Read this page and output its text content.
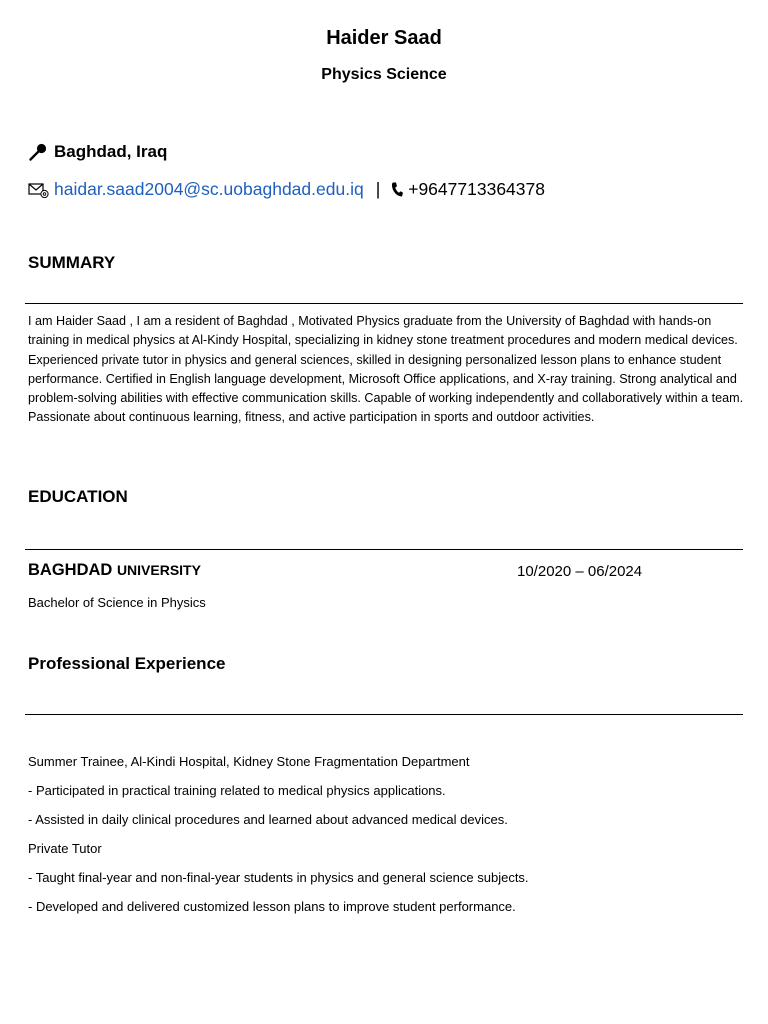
Haider Saad
Physics Science
Baghdad, Iraq
haidar.saad2004@sc.uobaghdad.edu.iq | +9647713364378
SUMMARY
I am Haider Saad , I am a resident of Baghdad , Motivated Physics graduate from the University of Baghdad with hands-on training in medical physics at Al-Kindy Hospital, specializing in kidney stone treatment procedures and modern medical devices. Experienced private tutor in physics and general sciences, skilled in designing personalized lesson plans to enhance student performance. Certified in English language development, Microsoft Office applications, and X-ray training. Strong analytical and problem-solving abilities with effective communication skills. Capable of working independently and collaboratively within a team. Passionate about continuous learning, fitness, and active participation in sports and outdoor activities.
EDUCATION
BAGHDAD UNIVERSITY	10/2020 – 06/2024
Bachelor of Science in Physics
Professional Experience
Summer Trainee, Al-Kindi Hospital, Kidney Stone Fragmentation Department
- Participated in practical training related to medical physics applications.
- Assisted in daily clinical procedures and learned about advanced medical devices.
Private Tutor
- Taught final-year and non-final-year students in physics and general science subjects.
- Developed and delivered customized lesson plans to improve student performance.
